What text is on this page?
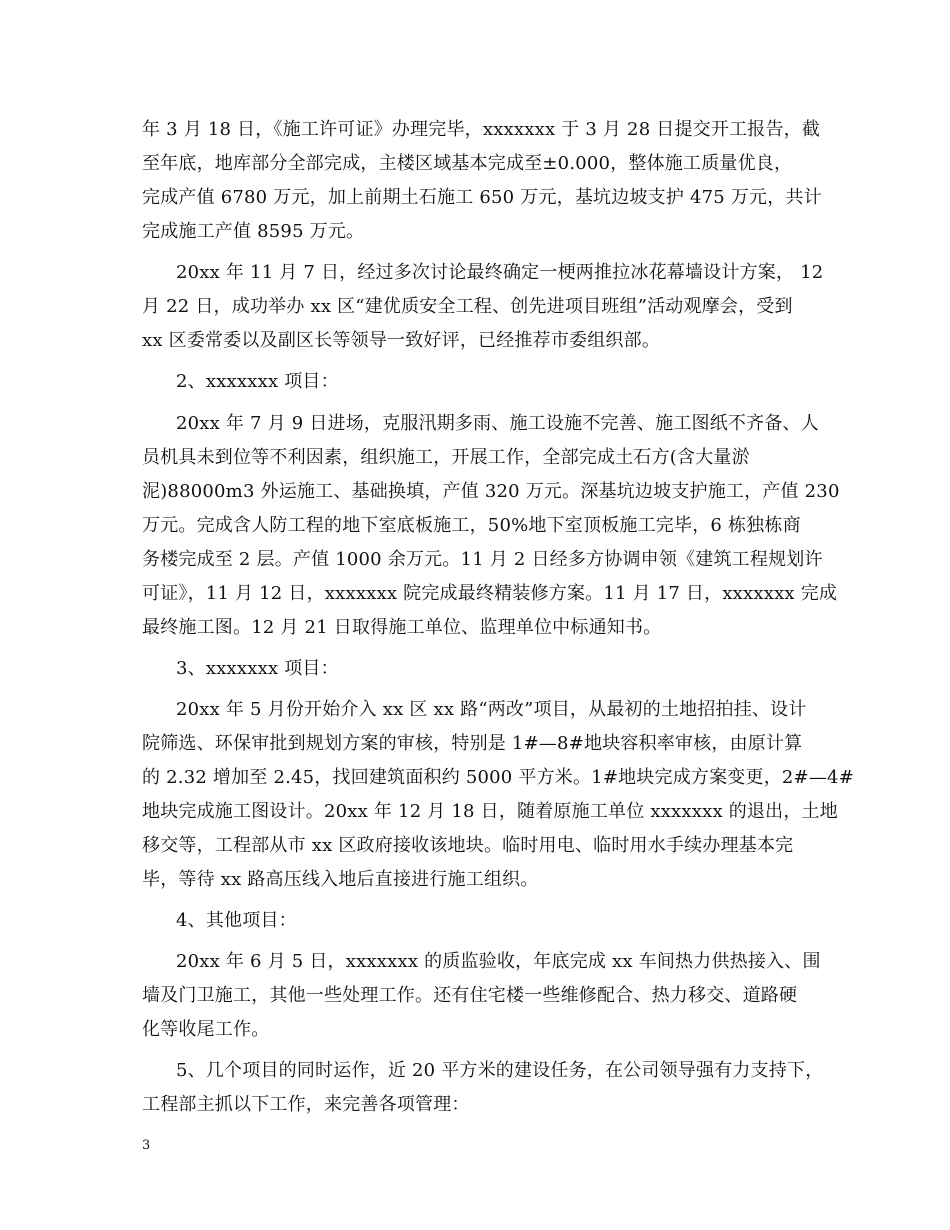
年 3 月 18 日，《施工许可证》办理完毕，xxxxxxx 于 3 月 28 日提交开工报告，截
至年底，地库部分全部完成，主楼区域基本完成至±0.000，整体施工质量优良，
完成产值 6780 万元，加上前期土石施工 650 万元，基坑边坡支护 475 万元，共计
完成施工产值 8595 万元。
20xx 年 11 月 7 日，经过多次讨论最终确定一梗两推拉冰花幕墙设计方案， 12
月 22 日，成功举办 xx 区“建优质安全工程、创先进项目班组”活动观摩会，受到
xx 区委常委以及副区长等领导一致好评，已经推荐市委组织部。
2、xxxxxxx 项目：
20xx 年 7 月 9 日进场，克服汛期多雨、施工设施不完善、施工图纸不齐备、人
员机具未到位等不利因素，组织施工，开展工作，全部完成土石方(含大量淤
泥)88000m3 外运施工、基础换填，产值 320 万元。深基坑边坡支护施工，产值 230
万元。完成含人防工程的地下室底板施工，50%地下室顶板施工完毕，6 栋独栋商
务楼完成至 2 层。产值 1000 余万元。11 月 2 日经多方协调申领《建筑工程规划许
可证》，11 月 12 日，xxxxxxx 院完成最终精装修方案。11 月 17 日，xxxxxxx 完成
最终施工图。12 月 21 日取得施工单位、监理单位中标通知书。
3、xxxxxxx 项目：
20xx 年 5 月份开始介入 xx 区 xx 路“两改”项目，从最初的土地招拍挂、设计
院筛选、环保审批到规划方案的审核，特别是 1#—8#地块容积率审核，由原计算
的 2.32 增加至 2.45，找回建筑面积约 5000 平方米。1#地块完成方案变更，2#—4#
地块完成施工图设计。20xx 年 12 月 18 日，随着原施工单位 xxxxxxx 的退出，土地
移交等，工程部从市 xx 区政府接收该地块。临时用电、临时用水手续办理基本完
毕，等待 xx 路高压线入地后直接进行施工组织。
4、其他项目：
20xx 年 6 月 5 日，xxxxxxx 的质监验收，年底完成 xx 车间热力供热接入、围
墙及门卫施工，其他一些处理工作。还有住宅楼一些维修配合、热力移交、道路硬
化等收尾工作。
5、几个项目的同时运作，近 20 平方米的建设任务，在公司领导强有力支持下，
工程部主抓以下工作，来完善各项管理：
3
